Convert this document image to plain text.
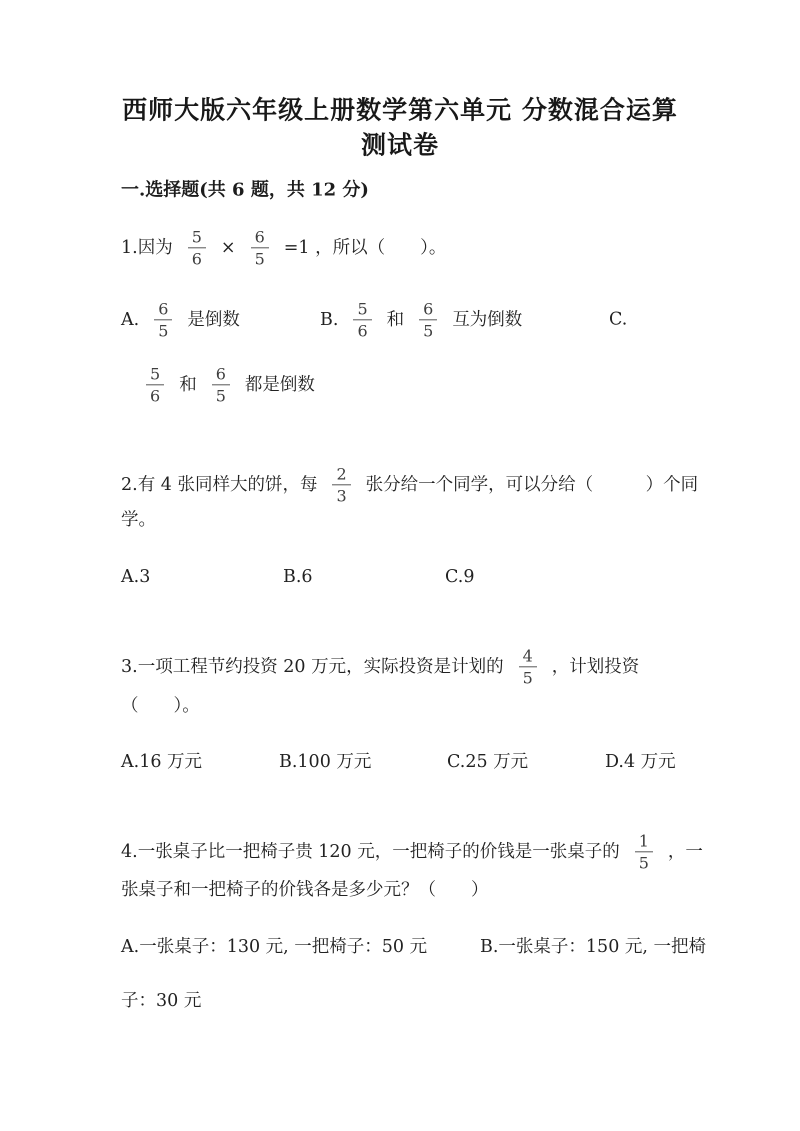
西师大版六年级上册数学第六单元 分数混合运算
测试卷
一.选择题(共 6 题，共 12 分)
1.因为 $\frac{5}{6} \times \frac{6}{5} =1$ ，所以（　　）。
A. $\frac{6}{5}$ 是倒数	B. $\frac{5}{6}$ 和 $\frac{6}{5}$ 互为倒数	C.
$\frac{5}{6}$ 和 $\frac{6}{5}$ 都是倒数
2.有 4 张同样大的饼，每 $\frac{2}{3}$ 张分给一个同学，可以分给（　　　）个同
学。
A.3	B.6	C.9
3.一项工程节约投资 20 万元，实际投资是计划的 $\frac{4}{5}$ ，计划投资
（　　）。
A.16 万元	B.100 万元	C.25 万元	D.4 万元
4.一张桌子比一把椅子贵 120 元，一把椅子的价钱是一张桌子的 $\frac{1}{5}$ ，一
张桌子和一把椅子的价钱各是多少元？（　　）
A.一张桌子：130 元, 一把椅子：50 元	B.一张桌子：150 元, 一把椅
子：30 元
